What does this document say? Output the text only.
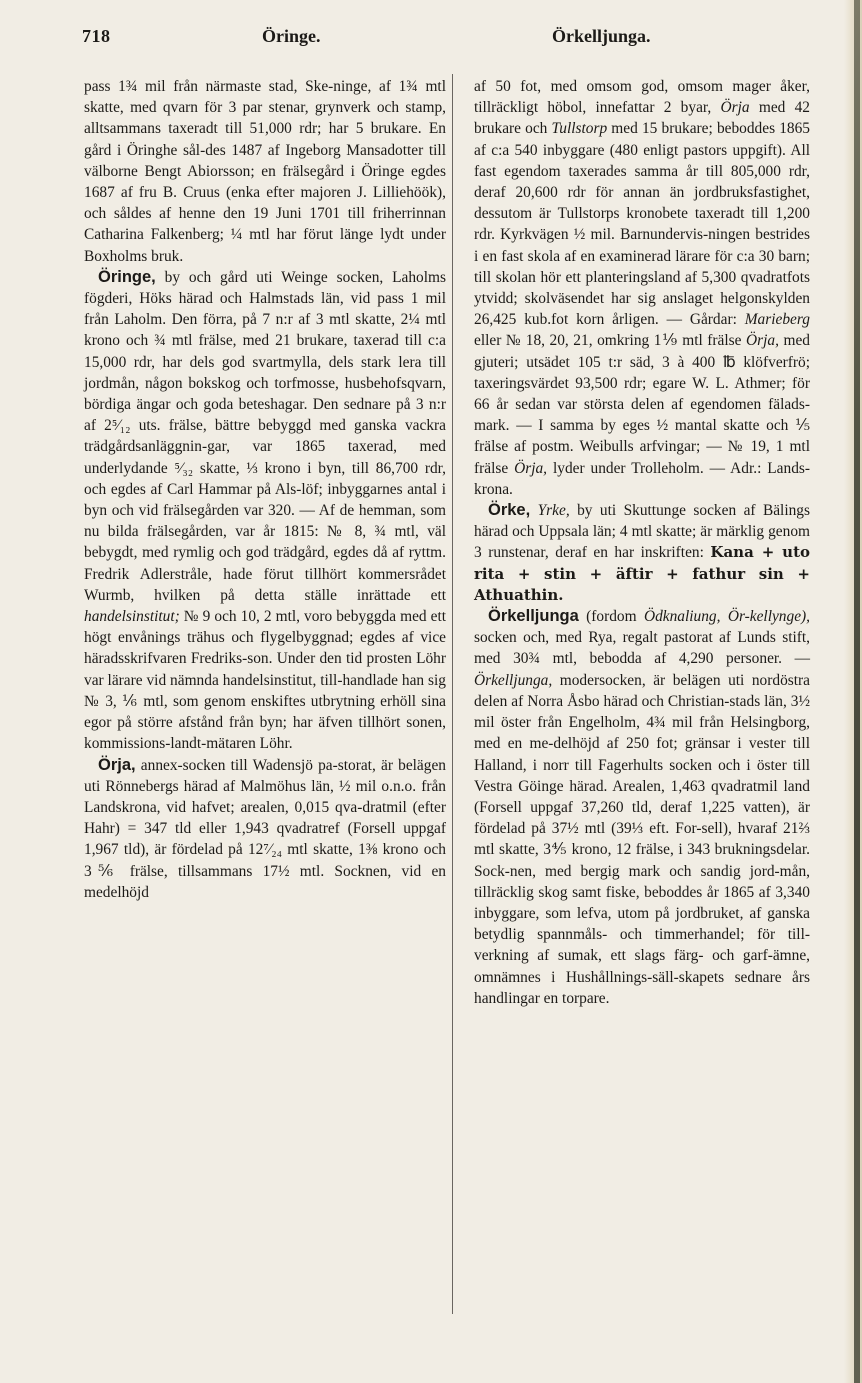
718	Öringe.	Örkelljunga.

pass 1¾ mil från närmaste stad, Ske-ninge, af 1¾ mtl skatte, med qvarn för 3 par stenar, grynverk och stamp, alltsammans taxeradt till 51,000 rdr; har 5 brukare. En gård i Öringhe sål-des 1487 af Ingeborg Mansadotter till välborne Bengt Abiorsson; en frälsegård i Öringe egdes 1687 af fru B. Cruus (enka efter majoren J. Lilliehöök), och såldes af henne den 19 Juni 1701 till friherrinnan Catharina Falkenberg; ¼ mtl har förut länge lydt under Boxholms bruk.

Öringe, by och gård uti Weinge socken, Laholms fögderi, Höks härad och Halmstads län, vid pass 1 mil från Laholm. Den förra, på 7 n:r af 3 mtl skatte, 2¼ mtl krono och ¾ mtl frälse, med 21 brukare, taxerad till c:a 15,000 rdr, har dels god svartmylla, dels stark lera till jordmån, någon bokskog och torfmosse, husbehofsqvarn, bördiga ängar och goda beteshagar. Den sednare på 3 n:r af 2⁵⁄₁₂ uts. frälse, bättre bebyggd med ganska vackra trädgårdsanläggnin-gar, var 1865 taxerad, med underlydande ⁵⁄₃₂ skatte, ⅓ krono i byn, till 86,700 rdr, och egdes af Carl Hammar på Als-löf; inbyggarnes antal i byn och vid frälsegården var 320. — Af de hemman, som nu bilda frälsegården, var år 1815: № 8, ¾ mtl, väl bebygdt, med rymlig och god trädgård, egdes då af ryttm. Fredrik Adlerstråle, hade förut tillhört kommersrådet Wurmb, hvilken på detta ställe inrättade ett handelsinstitut; № 9 och 10, 2 mtl, voro bebyggda med ett högt envånings trähus och flygelbyggnad; egdes af vice häradsskrifvaren Fredriks-son. Under den tid prosten Löhr var lärare vid nämnda handelsinstitut, till-handlade han sig № 3, ⅙ mtl, som genom enskiftes utbrytning erhöll sina egor på större afstånd från byn; har äfven tillhört sonen, kommissions-landt-mätaren Löhr.

Örja, annex-socken till Wadensjö pa-storat, är belägen uti Rönnebergs härad af Malmöhus län, ½ mil o.n.o. från Landskrona, vid hafvet; arealen, 0,015 qva-dratmil (efter Hahr) = 347 tld eller 1,943 qvadratref (Forsell uppgaf 1,967 tld), är fördelad på 12⁷⁄₂₄ mtl skatte, 1⅜ krono och 3⅚ frälse, tillsammans 17½ mtl. Socknen, vid en medelhöjd

af 50 fot, med omsom god, omsom mager åker, tillräckligt höbol, innefattar 2 byar, Örja med 42 brukare och Tullstorp med 15 brukare; beboddes 1865 af c:a 540 inbyggare (480 enligt pastors uppgift). All fast egendom taxerades samma år till 805,000 rdr, deraf 20,600 rdr för annan än jordbruksfastighet, dessutom är Tullstorps kronobete taxeradt till 1,200 rdr. Kyrkvägen ½ mil. Barnundervis-ningen bestrides i en fast skola af en examinerad lärare för c:a 30 barn; till skolan hör ett planteringsland af 5,300 qvadratfots ytvidd; skolväsendet har sig anslaget helgonskylden 26,425 kub.fot korn årligen. — Gårdar: Marieberg eller № 18, 20, 21, omkring 1⅑ mtl frälse Örja, med gjuteri; utsädet 105 t:r säd, 3 à 400 ℔ klöfverfrö; taxeringsvärdet 93,500 rdr; egare W. L. Athmer; för 66 år sedan var största delen af egendomen fälads-mark. — I samma by eges ½ mantal skatte och ⅕ frälse af postm. Weibulls arfvingar; — № 19, 1 mtl frälse Örja, lyder under Trolleholm. — Adr.: Lands-krona.

Örke, Yrke, by uti Skuttunge socken af Bälings härad och Uppsala län; 4 mtl skatte; är märklig genom 3 runstenar, deraf en har inskriften: Kana + uto rita + stin + äftir + fathur sin + Athuathin.

Örkelljunga (fordom Ödknaliung, Ör-kellynge), socken och, med Rya, regalt pastorat af Lunds stift, med 30¾ mtl, bebodda af 4,290 personer. — Örkelljunga, modersocken, är belägen uti nordöstra delen af Norra Åsbo härad och Christian-stads län, 3½ mil öster från Engelholm, 4¾ mil från Helsingborg, med en me-delhöjd af 250 fot; gränsar i vester till Halland, i norr till Fagerhults socken och i öster till Vestra Göinge härad. Arealen, 1,463 qvadratmil land (Forsell uppgaf 37,260 tld, deraf 1,225 vatten), är fördelad på 37½ mtl (39⅓ eft. For-sell), hvaraf 21⅔ mtl skatte, 3⅘ krono, 12 frälse, i 343 brukningsdelar. Sock-nen, med bergig mark och sandig jord-mån, tillräcklig skog samt fiske, beboddes år 1865 af 3,340 inbyggare, som lefva, utom på jordbruket, af ganska betydlig spannmåls- och timmerhandel; för till-verkning af sumak, ett slags färg- och garf-ämne, omnämnes i Hushållnings-säll-skapets sednare års handlingar en torpare.
